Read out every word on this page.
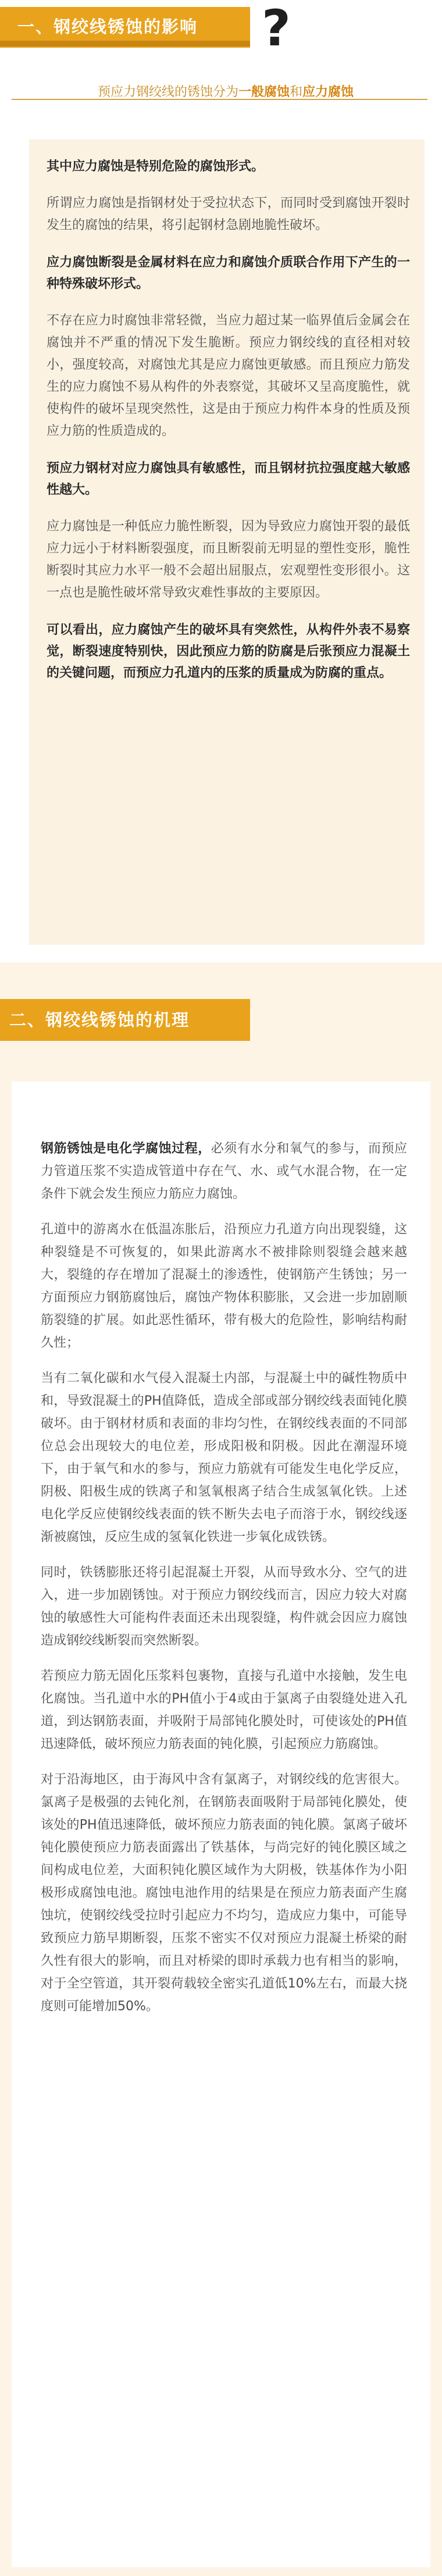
一、钢绞线锈蚀的影响 ?
预应力钢绞线的锈蚀分为一般腐蚀和应力腐蚀

其中应力腐蚀是特别危险的腐蚀形式。

所谓应力腐蚀是指钢材处于受拉状态下，而同时受到腐蚀开裂时发生的腐蚀的结果，将引起钢材急剧地脆性破坏。

应力腐蚀断裂是金属材料在应力和腐蚀介质联合作用下产生的一种特殊破坏形式。

不存在应力时腐蚀非常轻微，当应力超过某一临界值后金属会在腐蚀并不严重的情况下发生脆断。预应力钢绞线的直径相对较小，强度较高，对腐蚀尤其是应力腐蚀更敏感。而且预应力筋发生的应力腐蚀不易从构件的外表察觉，其破坏又呈高度脆性，就使构件的破坏呈现突然性，这是由于预应力构件本身的性质及预应力筋的性质造成的。

预应力钢材对应力腐蚀具有敏感性，而且钢材抗拉强度越大敏感性越大。

应力腐蚀是一种低应力脆性断裂，因为导致应力腐蚀开裂的最低应力远小于材料断裂强度，而且断裂前无明显的塑性变形，脆性断裂时其应力水平一般不会超出屈服点，宏观塑性变形很小。这一点也是脆性破坏常导致灾难性事故的主要原因。

可以看出，应力腐蚀产生的破坏具有突然性，从构件外表不易察觉，断裂速度特别快，因此预应力筋的防腐是后张预应力混凝土的关键问题，而预应力孔道内的压浆的质量成为防腐的重点。

二、钢绞线锈蚀的机理

钢筋锈蚀是电化学腐蚀过程，必须有水分和氧气的参与，而预应力管道压浆不实造成管道中存在气、水、或气水混合物，在一定条件下就会发生预应力筋应力腐蚀。

孔道中的游离水在低温冻胀后，沿预应力孔道方向出现裂缝，这种裂缝是不可恢复的，如果此游离水不被排除则裂缝会越来越大，裂缝的存在增加了混凝土的渗透性，使钢筋产生锈蚀；另一方面预应力钢筋腐蚀后，腐蚀产物体积膨胀，又会进一步加剧顺筋裂缝的扩展。如此恶性循环，带有极大的危险性，影响结构耐久性；

当有二氧化碳和水气侵入混凝土内部，与混凝土中的碱性物质中和，导致混凝土的PH值降低，造成全部或部分钢绞线表面钝化膜破坏。由于钢材材质和表面的非均匀性，在钢绞线表面的不同部位总会出现较大的电位差，形成阳极和阴极。因此在潮湿环境下，由于氧气和水的参与，预应力筋就有可能发生电化学反应，阴极、阳极生成的铁离子和氢氧根离子结合生成氢氧化铁。上述电化学反应使钢绞线表面的铁不断失去电子而溶于水，钢绞线逐渐被腐蚀，反应生成的氢氧化铁进一步氧化成铁锈。

同时，铁锈膨胀还将引起混凝土开裂，从而导致水分、空气的进入，进一步加剧锈蚀。对于预应力钢绞线而言，因应力较大对腐蚀的敏感性大可能构件表面还未出现裂缝，构件就会因应力腐蚀造成钢绞线断裂而突然断裂。

若预应力筋无固化压浆料包裹物，直接与孔道中水接触，发生电化腐蚀。当孔道中水的PH值小于4或由于氯离子由裂缝处进入孔道，到达钢筋表面，并吸附于局部钝化膜处时，可使该处的PH值迅速降低，破坏预应力筋表面的钝化膜，引起预应力筋腐蚀。

对于沿海地区，由于海风中含有氯离子，对钢绞线的危害很大。氯离子是极强的去钝化剂，在钢筋表面吸附于局部钝化膜处，使该处的PH值迅速降低，破坏预应力筋表面的钝化膜。氯离子破坏钝化膜使预应力筋表面露出了铁基体，与尚完好的钝化膜区域之间构成电位差，大面积钝化膜区域作为大阴极，铁基体作为小阳极形成腐蚀电池。腐蚀电池作用的结果是在预应力筋表面产生腐蚀坑，使钢绞线受拉时引起应力不均匀，造成应力集中，可能导致预应力筋早期断裂，压浆不密实不仅对预应力混凝土桥梁的耐久性有很大的影响，而且对桥梁的即时承载力也有相当的影响，对于全空管道，其开裂荷载较全密实孔道低10%左右，而最大挠度则可能增加50%。
